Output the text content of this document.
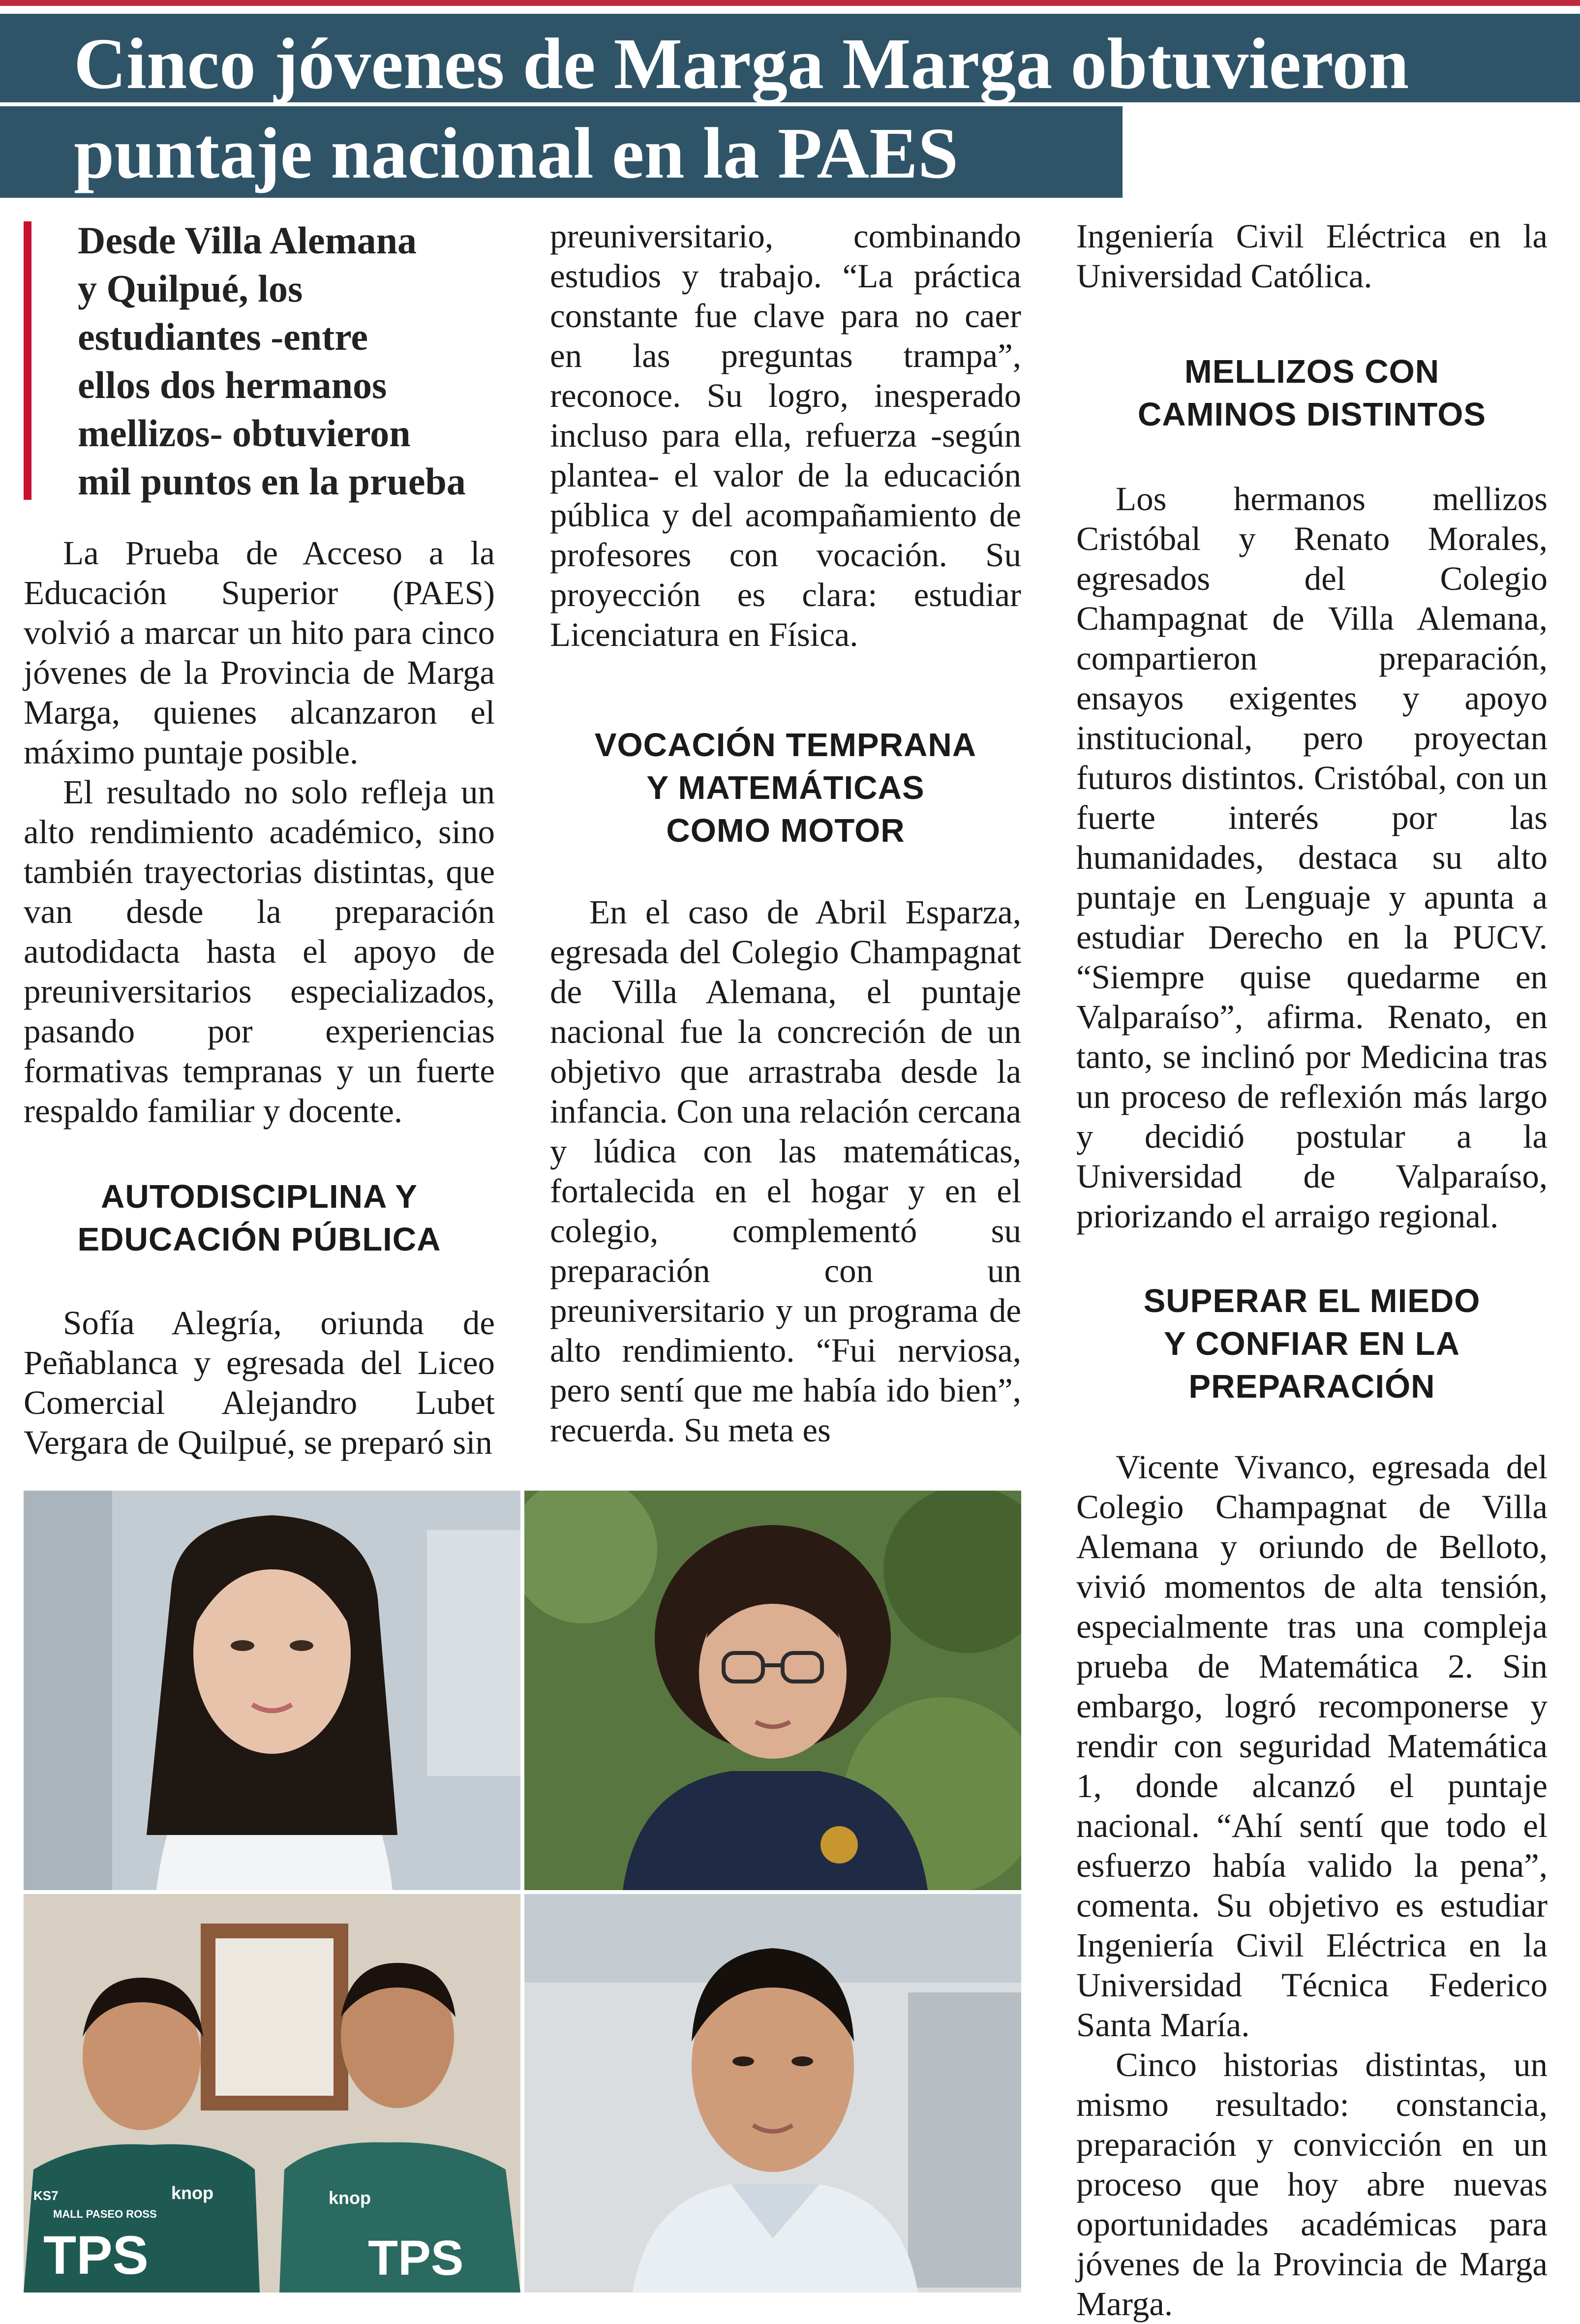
Cinco jóvenes de Marga Marga obtuvieron
puntaje nacional en la PAES
Desde Villa Alemana
y Quilpué, los
estudiantes -entre
ellos dos hermanos
mellizos- obtuvieron
mil puntos en la prueba

La Prueba de Acceso a la Educación Superior (PAES) volvió a marcar un hito para cinco jóvenes de la Provincia de Marga Marga, quienes alcanzaron el máximo puntaje posible.

El resultado no solo refleja un alto rendimiento académico, sino también trayectorias distintas, que van desde la preparación autodidacta hasta el apoyo de preuniversitarios especializados, pasando por experiencias formativas tempranas y un fuerte respaldo familiar y docente.

AUTODISCIPLINA Y
EDUCACIÓN PÚBLICA

Sofía Alegría, oriunda de Peñablanca y egresada del Liceo Comercial Alejandro Lubet Vergara de Quilpué, se preparó sin

preuniversitario, combinando estudios y trabajo. “La práctica constante fue clave para no caer en las preguntas trampa”, reconoce. Su logro, inesperado incluso para ella, refuerza -según plantea- el valor de la educación pública y del acompañamiento de profesores con vocación. Su proyección es clara: estudiar Licenciatura en Física.

VOCACIÓN TEMPRANA
Y MATEMÁTICAS
COMO MOTOR

En el caso de Abril Esparza, egresada del Colegio Champagnat de Villa Alemana, el puntaje nacional fue la concreción de un objetivo que arrastraba desde la infancia. Con una relación cercana y lúdica con las matemáticas, fortalecida en el hogar y en el colegio, complementó su preparación con un preuniversitario y un programa de alto rendimiento. “Fui nerviosa, pero sentí que me había ido bien”, recuerda. Su meta es

Ingeniería Civil Eléctrica en la Universidad Católica.

MELLIZOS CON
CAMINOS DISTINTOS

Los hermanos mellizos Cristóbal y Renato Morales, egresados del Colegio Champagnat de Villa Alemana, compartieron preparación, ensayos exigentes y apoyo institucional, pero proyectan futuros distintos. Cristóbal, con un fuerte interés por las humanidades, destaca su alto puntaje en Lenguaje y apunta a estudiar Derecho en la PUCV. “Siempre quise quedarme en Valparaíso”, afirma. Renato, en tanto, se inclinó por Medicina tras un proceso de reflexión más largo y decidió postular a la Universidad de Valparaíso, priorizando el arraigo regional.

SUPERAR EL MIEDO
Y CONFIAR EN LA
PREPARACIÓN

Vicente Vivanco, egresada del Colegio Champagnat de Villa Alemana y oriundo de Belloto, vivió momentos de alta tensión, especialmente tras una compleja prueba de Matemática 2. Sin embargo, logró recomponerse y rendir con seguridad Matemática 1, donde alcanzó el puntaje nacional. “Ahí sentí que todo el esfuerzo había valido la pena”, comenta. Su objetivo es estudiar Ingeniería Civil Eléctrica en la Universidad Técnica Federico Santa María.

Cinco historias distintas, un mismo resultado: constancia, preparación y convicción en un proceso que hoy abre nuevas oportunidades académicas para jóvenes de la Provincia de Marga Marga.

TPS	TPS
knop	knop
MALL PASEO ROSS
KS7
